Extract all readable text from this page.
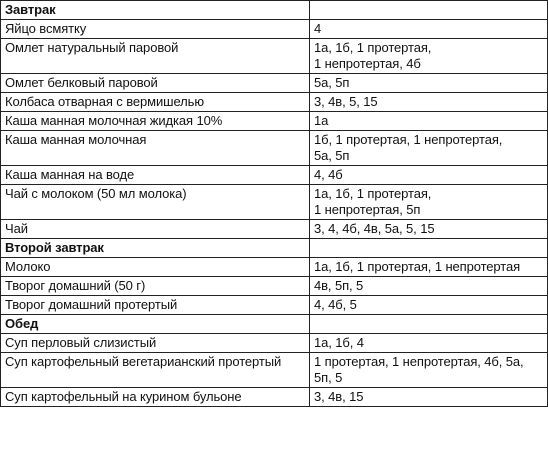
Завтрак	
Яйцо всмятку	4
Омлет натуральный паровой	1а, 1б, 1 протертая,
1 непротертая, 4б
Омлет белковый паровой	5а, 5п
Колбаса отварная с вермишелью	3, 4в, 5, 15
Каша манная молочная жидкая 10%	1а
Каша манная молочная	1б, 1 протертая, 1 непротертая,
5а, 5п
Каша манная на воде	4, 4б
Чай с молоком (50 мл молока)	1а, 1б, 1 протертая,
1 непротертая, 5п
Чай	3, 4, 4б, 4в, 5а, 5, 15
Второй завтрак	
Молоко	1а, 1б, 1 протертая, 1 непротертая
Творог домашний (50 г)	4в, 5п, 5
Творог домашний протертый	4, 4б, 5
Обед	
Суп перловый слизистый	1а, 1б, 4
Суп картофельный вегетарианский протертый	1 протертая, 1 непротертая, 4б, 5а,
5п, 5
Суп картофельный на курином бульоне	3, 4в, 15
